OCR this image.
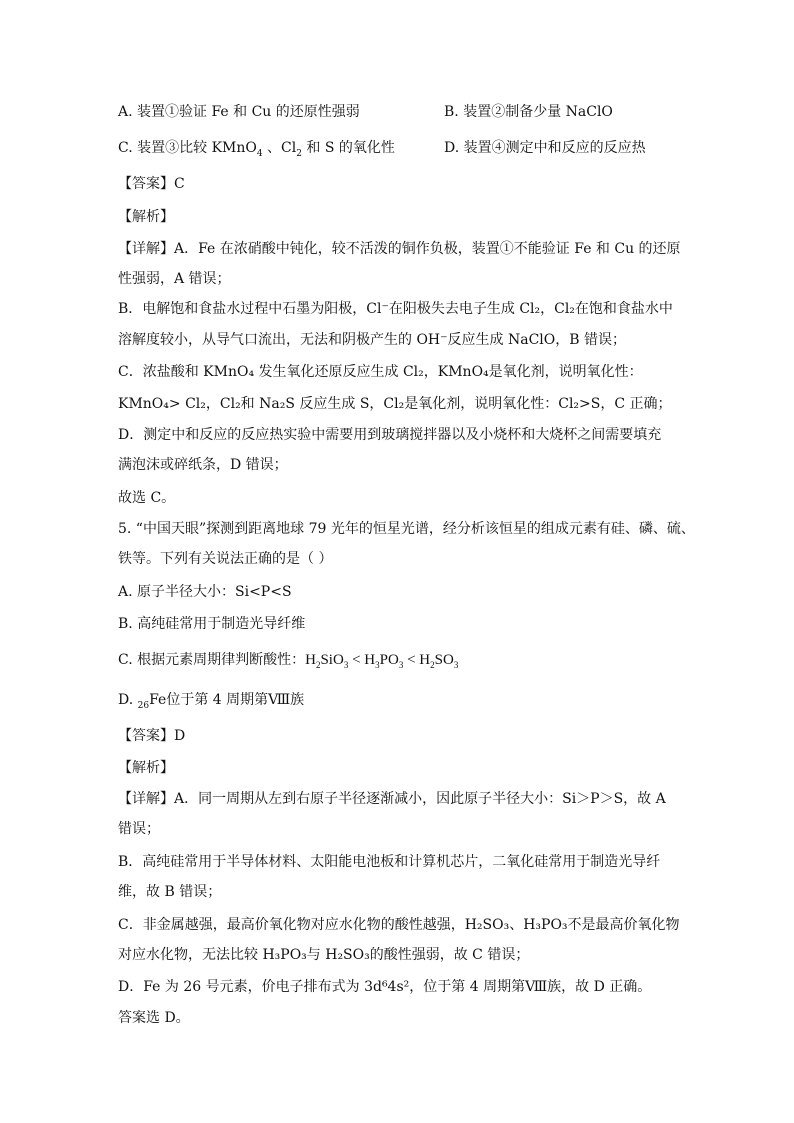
A. 装置①验证 Fe 和 Cu 的还原性强弱	B. 装置②制备少量 NaClO
C. 装置③比较 KMnO$_4$ 、$Cl_2$ 和 S 的氧化性	D. 装置④测定中和反应的反应热
【答案】C
【解析】
【详解】A．Fe 在浓硝酸中钝化，较不活泼的铜作负极，装置①不能验证 Fe 和 Cu 的还原
性强弱，A 错误；
B．电解饱和食盐水过程中石墨为阳极，Cl⁻在阳极失去电子生成 Cl₂，Cl₂在饱和食盐水中
溶解度较小，从导气口流出，无法和阴极产生的 OH⁻反应生成 NaClO，B 错误；
C．浓盐酸和 KMnO₄ 发生氧化还原反应生成 Cl₂，KMnO₄是氧化剂，说明氧化性：
KMnO₄> Cl₂，Cl₂和 Na₂S 反应生成 S，Cl₂是氧化剂，说明氧化性：Cl₂>S，C 正确；
D．测定中和反应的反应热实验中需要用到玻璃搅拌器以及小烧杯和大烧杯之间需要填充
满泡沫或碎纸条，D 错误；
故选 C。
5. “中国天眼”探测到距离地球 79 光年的恒星光谱，经分析该恒星的组成元素有硅、磷、硫、
铁等。下列有关说法正确的是（ ）
A. 原子半径大小：Si<P<S
B. 高纯硅常用于制造光导纤维
C. 根据元素周期律判断酸性：$H_2SiO_3 < H_3PO_3 < H_2SO_3$
D. $_{26}$Fe位于第 4 周期第Ⅷ族
【答案】D
【解析】
【详解】A．同一周期从左到右原子半径逐渐减小，因此原子半径大小：Si＞P＞S，故 A
错误；
B．高纯硅常用于半导体材料、太阳能电池板和计算机芯片，二氧化硅常用于制造光导纤
维，故 B 错误；
C．非金属越强，最高价氧化物对应水化物的酸性越强，H₂SO₃、H₃PO₃不是最高价氧化物
对应水化物，无法比较 H₃PO₃与 H₂SO₃的酸性强弱，故 C 错误；
D．Fe 为 26 号元素，价电子排布式为 3d⁶4s²，位于第 4 周期第Ⅷ族，故 D 正确。
答案选 D。
